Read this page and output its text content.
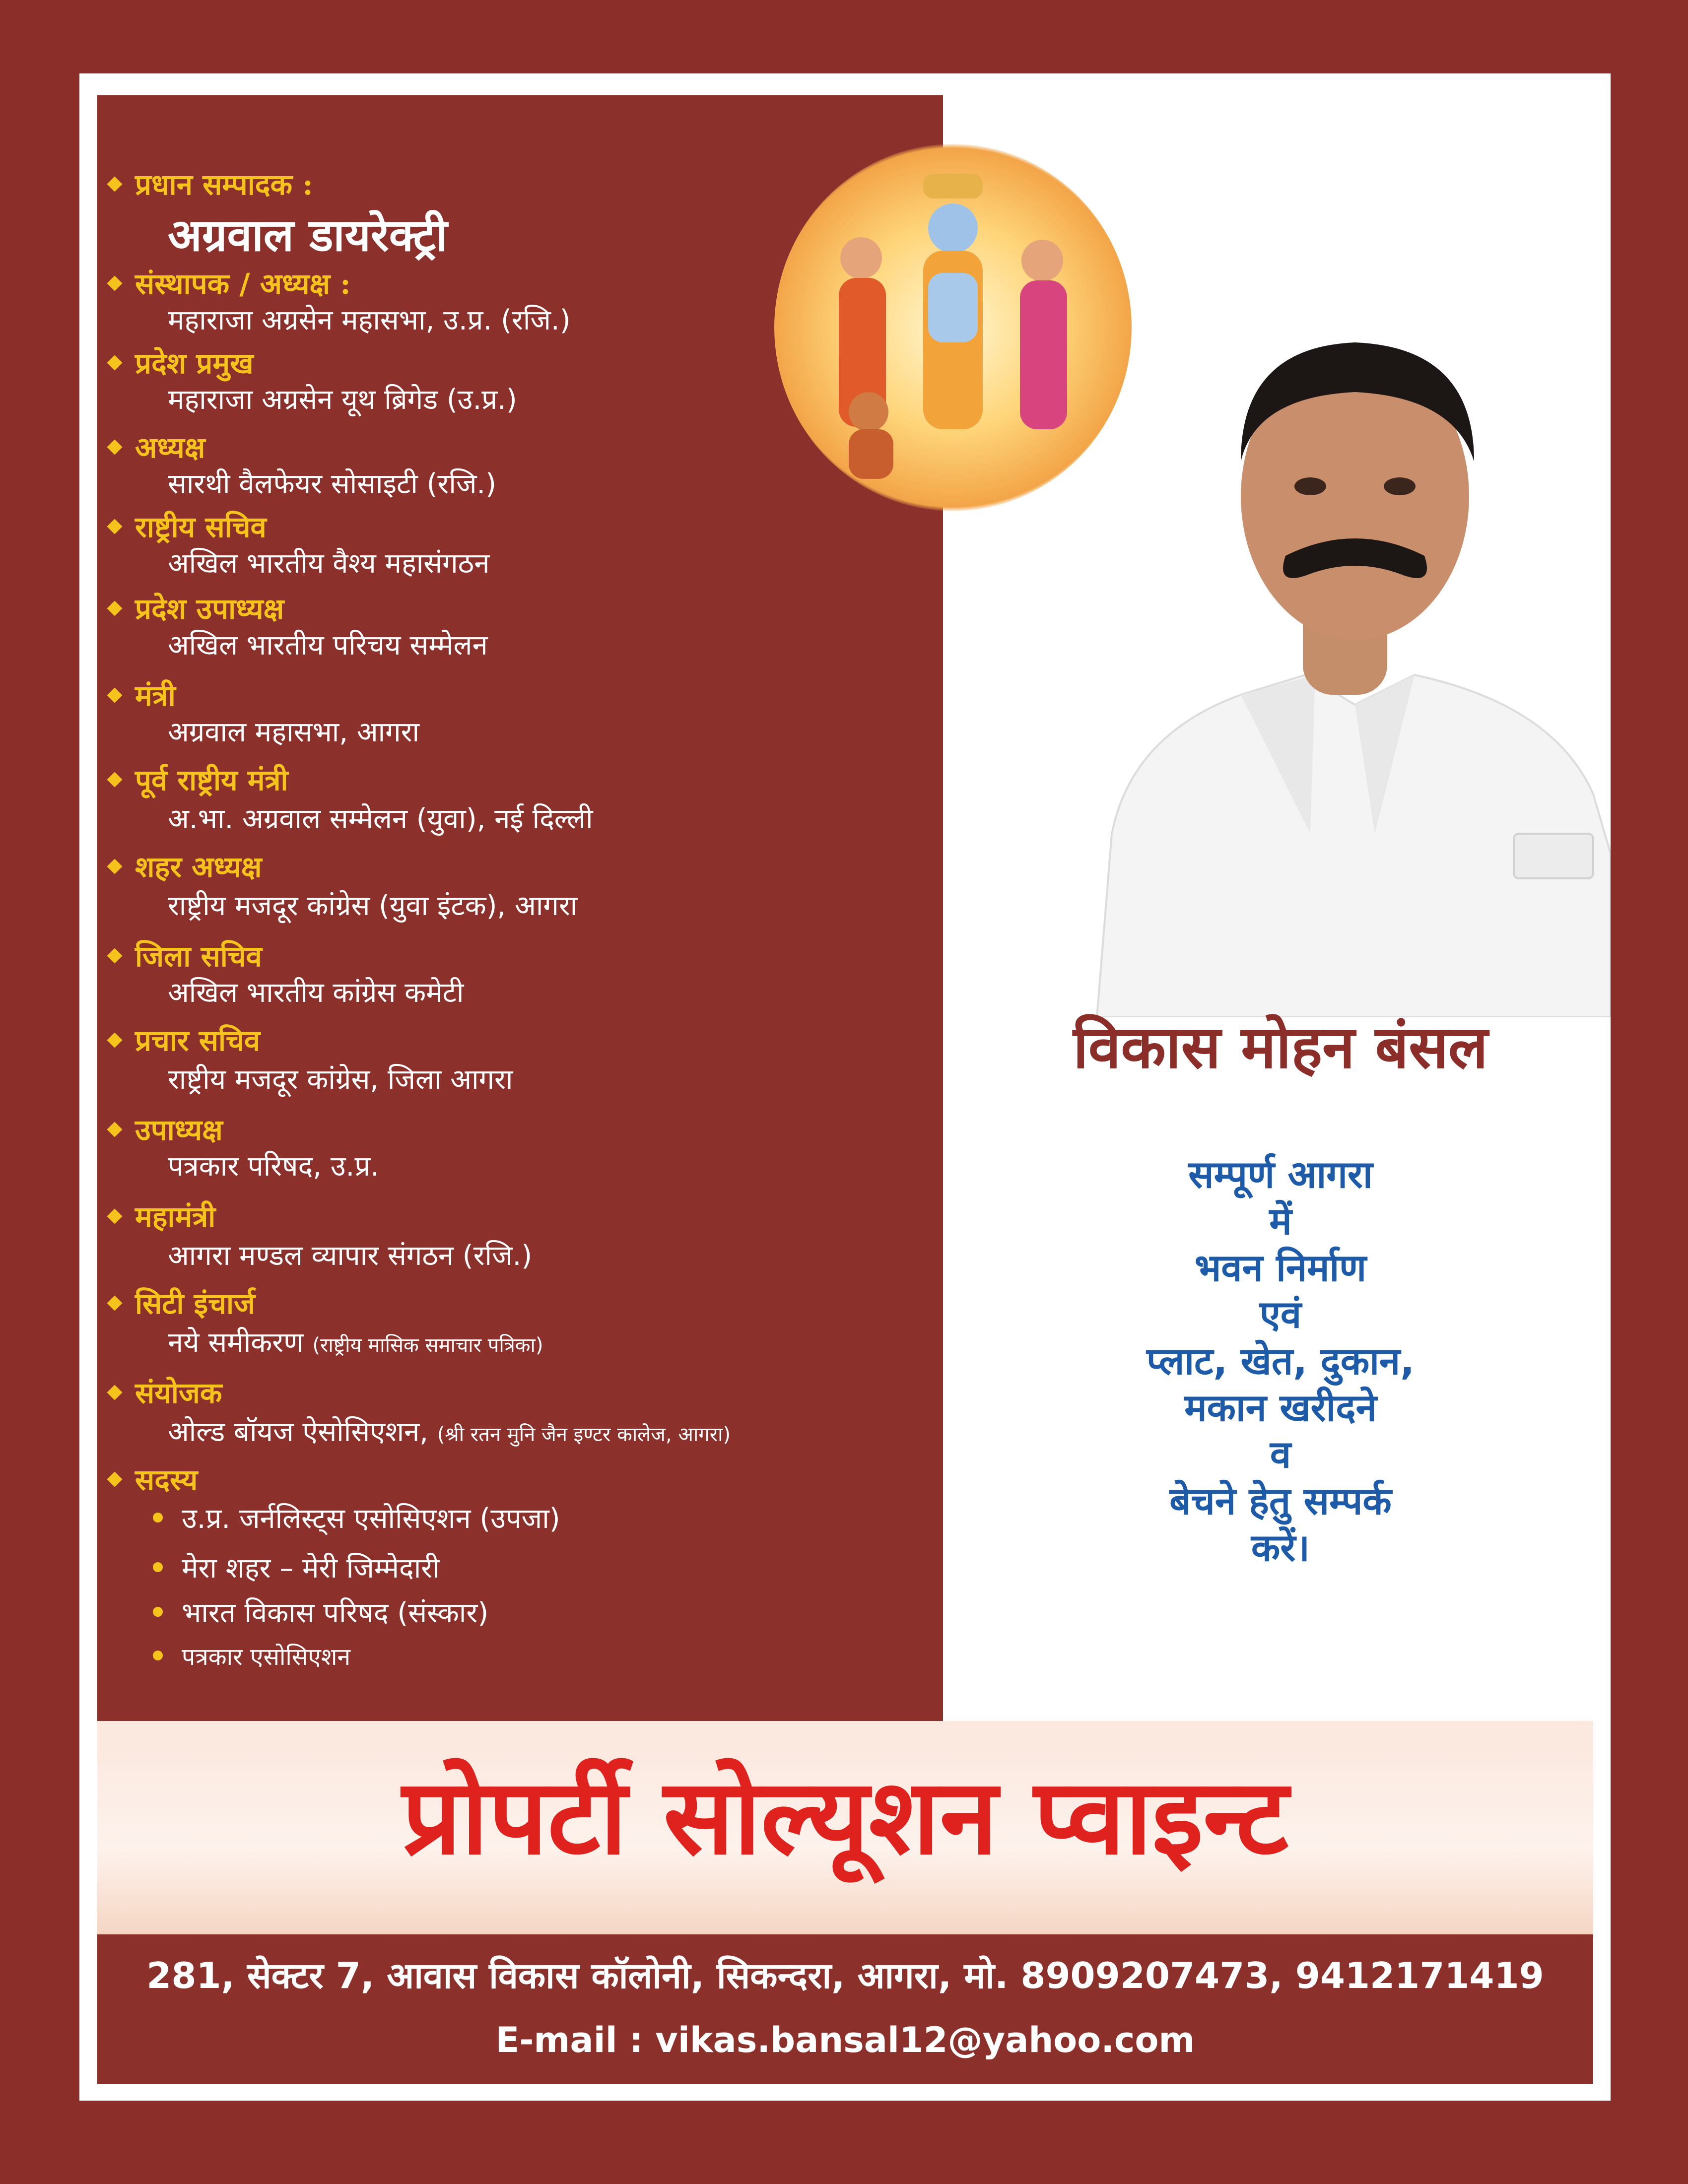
प्रधान सम्पादक :
अग्रवाल डायरेक्ट्री
संस्थापक / अध्यक्ष :
महाराजा अग्रसेन महासभा, उ.प्र. (रजि.)
प्रदेश प्रमुख
महाराजा अग्रसेन यूथ ब्रिगेड (उ.प्र.)
अध्यक्ष
सारथी वैलफेयर सोसाइटी (रजि.)
राष्ट्रीय सचिव
अखिल भारतीय वैश्य महासंगठन
प्रदेश उपाध्यक्ष
अखिल भारतीय परिचय सम्मेलन
मंत्री
अग्रवाल महासभा, आगरा
पूर्व राष्ट्रीय मंत्री
अ.भा. अग्रवाल सम्मेलन (युवा), नई दिल्ली
शहर अध्यक्ष
राष्ट्रीय मजदूर कांग्रेस (युवा इंटक), आगरा
जिला सचिव
अखिल भारतीय कांग्रेस कमेटी
प्रचार सचिव
राष्ट्रीय मजदूर कांग्रेस, जिला आगरा
उपाध्यक्ष
पत्रकार परिषद, उ.प्र.
महामंत्री
आगरा मण्डल व्यापार संगठन (रजि.)
सिटी इंचार्ज
नये समीकरण (राष्ट्रीय मासिक समाचार पत्रिका)
संयोजक
ओल्ड बॉयज ऐसोसिएशन, (श्री रतन मुनि जैन इण्टर कालेज, आगरा)
सदस्य
उ.प्र. जर्नलिस्ट्स एसोसिएशन (उपजा)
मेरा शहर – मेरी जिम्मेदारी
भारत विकास परिषद (संस्कार)
पत्रकार एसोसिएशन
विकास मोहन बंसल
सम्पूर्ण आगरा
में
भवन निर्माण
एवं
प्लाट, खेत, दुकान,
मकान खरीदने
व
बेचने हेतु सम्पर्क
करें।
प्रोपर्टी सोल्यूशन प्वाइन्ट
281, सेक्टर 7, आवास विकास कॉलोनी, सिकन्दरा, आगरा, मो. 8909207473, 9412171419
E-mail : vikas.bansal12@yahoo.com
